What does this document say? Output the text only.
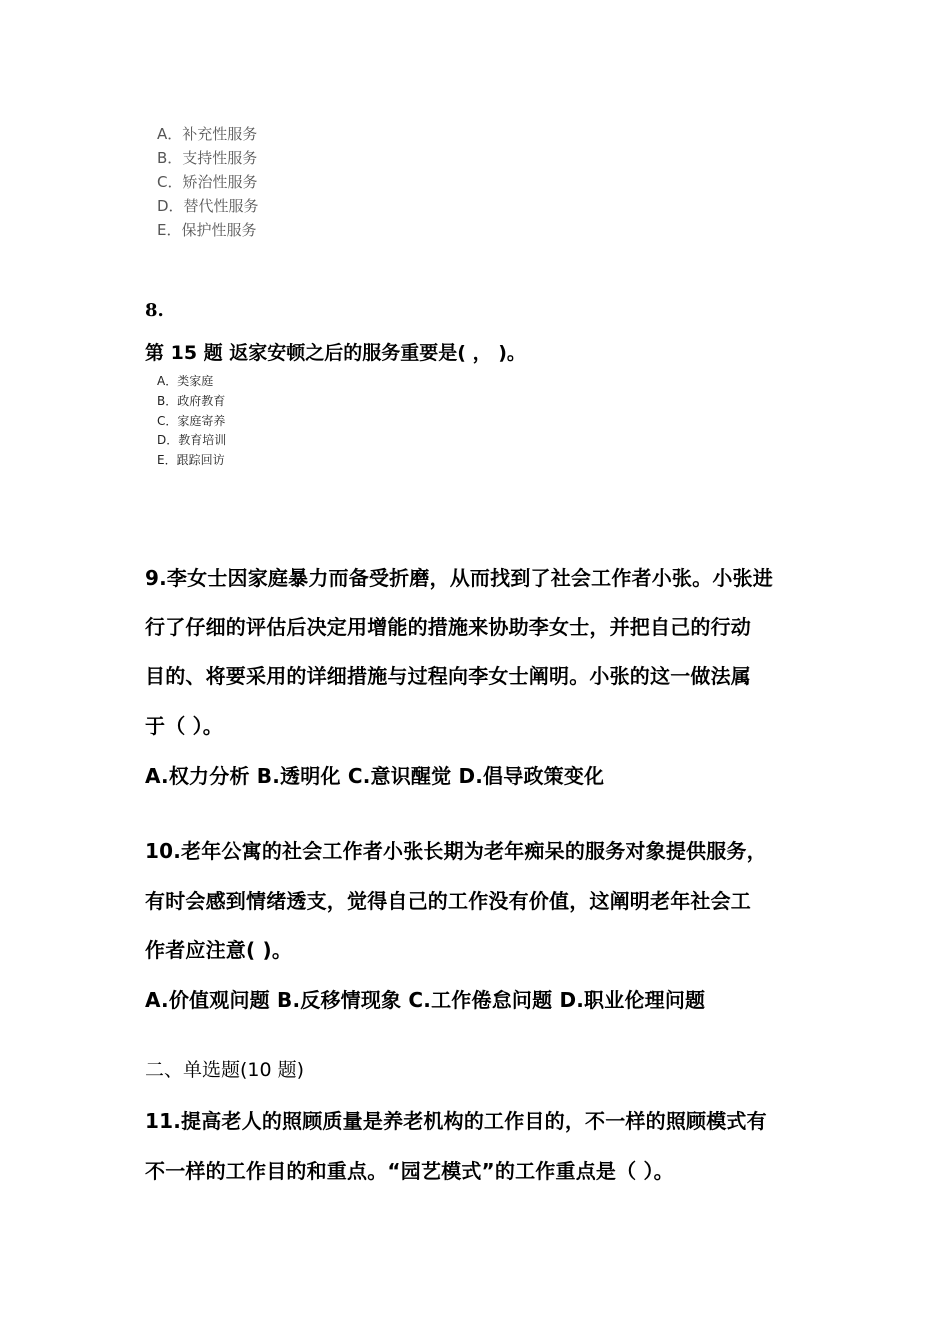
A．补充性服务
B．支持性服务
C．矫治性服务
D．替代性服务
E．保护性服务
8.
第 15 题 返家安顿之后的服务重要是( ， )。
A．类家庭
B．政府教育
C．家庭寄养
D．教育培训
E．跟踪回访
9.李女士因家庭暴力而备受折磨，从而找到了社会工作者小张。小张进
行了仔细的评估后决定用增能的措施来协助李女士，并把自己的行动
目的、将要采用的详细措施与过程向李女士阐明。小张的这一做法属
于（ ）。
A.权力分析 B.透明化 C.意识醒觉 D.倡导政策变化
10.老年公寓的社会工作者小张长期为老年痴呆的服务对象提供服务，
有时会感到情绪透支，觉得自己的工作没有价值，这阐明老年社会工
作者应注意( )。
A.价值观问题 B.反移情现象 C.工作倦怠问题 D.职业伦理问题
二、单选题(10 题)
11.提高老人的照顾质量是养老机构的工作目的，不一样的照顾模式有
不一样的工作目的和重点。“园艺模式”的工作重点是（ ）。
